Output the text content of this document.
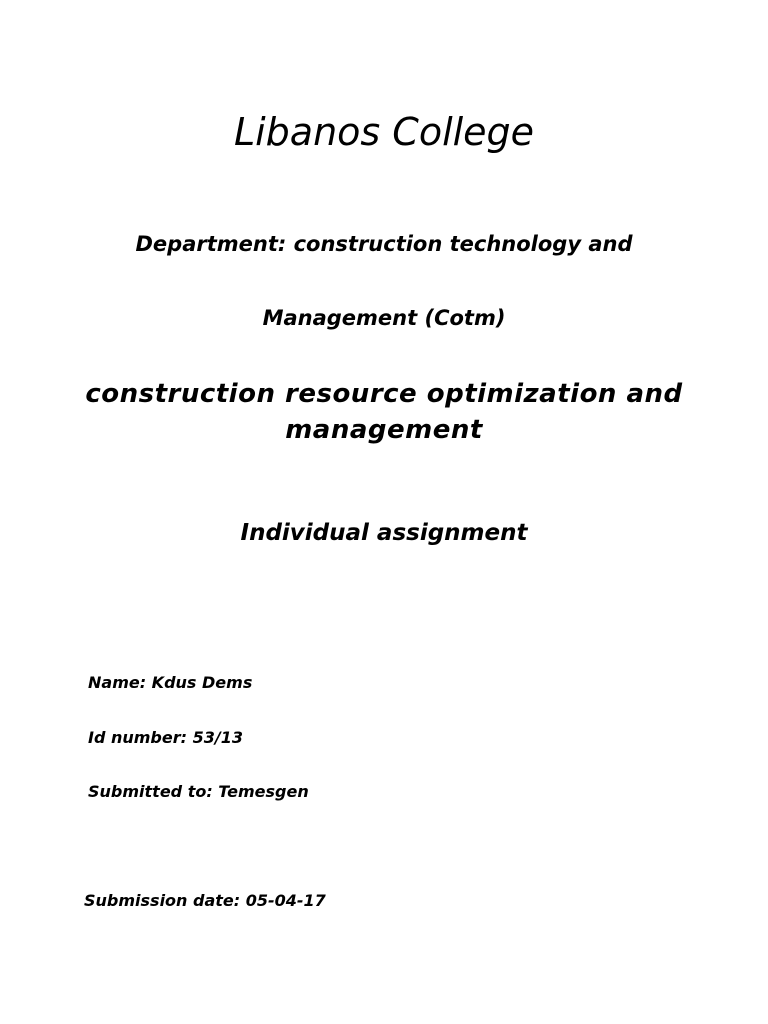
Libanos College
Department: construction technology and
Management (Cotm)
construction resource optimization and
management
Individual assignment
Name: Kdus Dems
Id number: 53/13
Submitted to: Temesgen
Submission date: 05-04-17
